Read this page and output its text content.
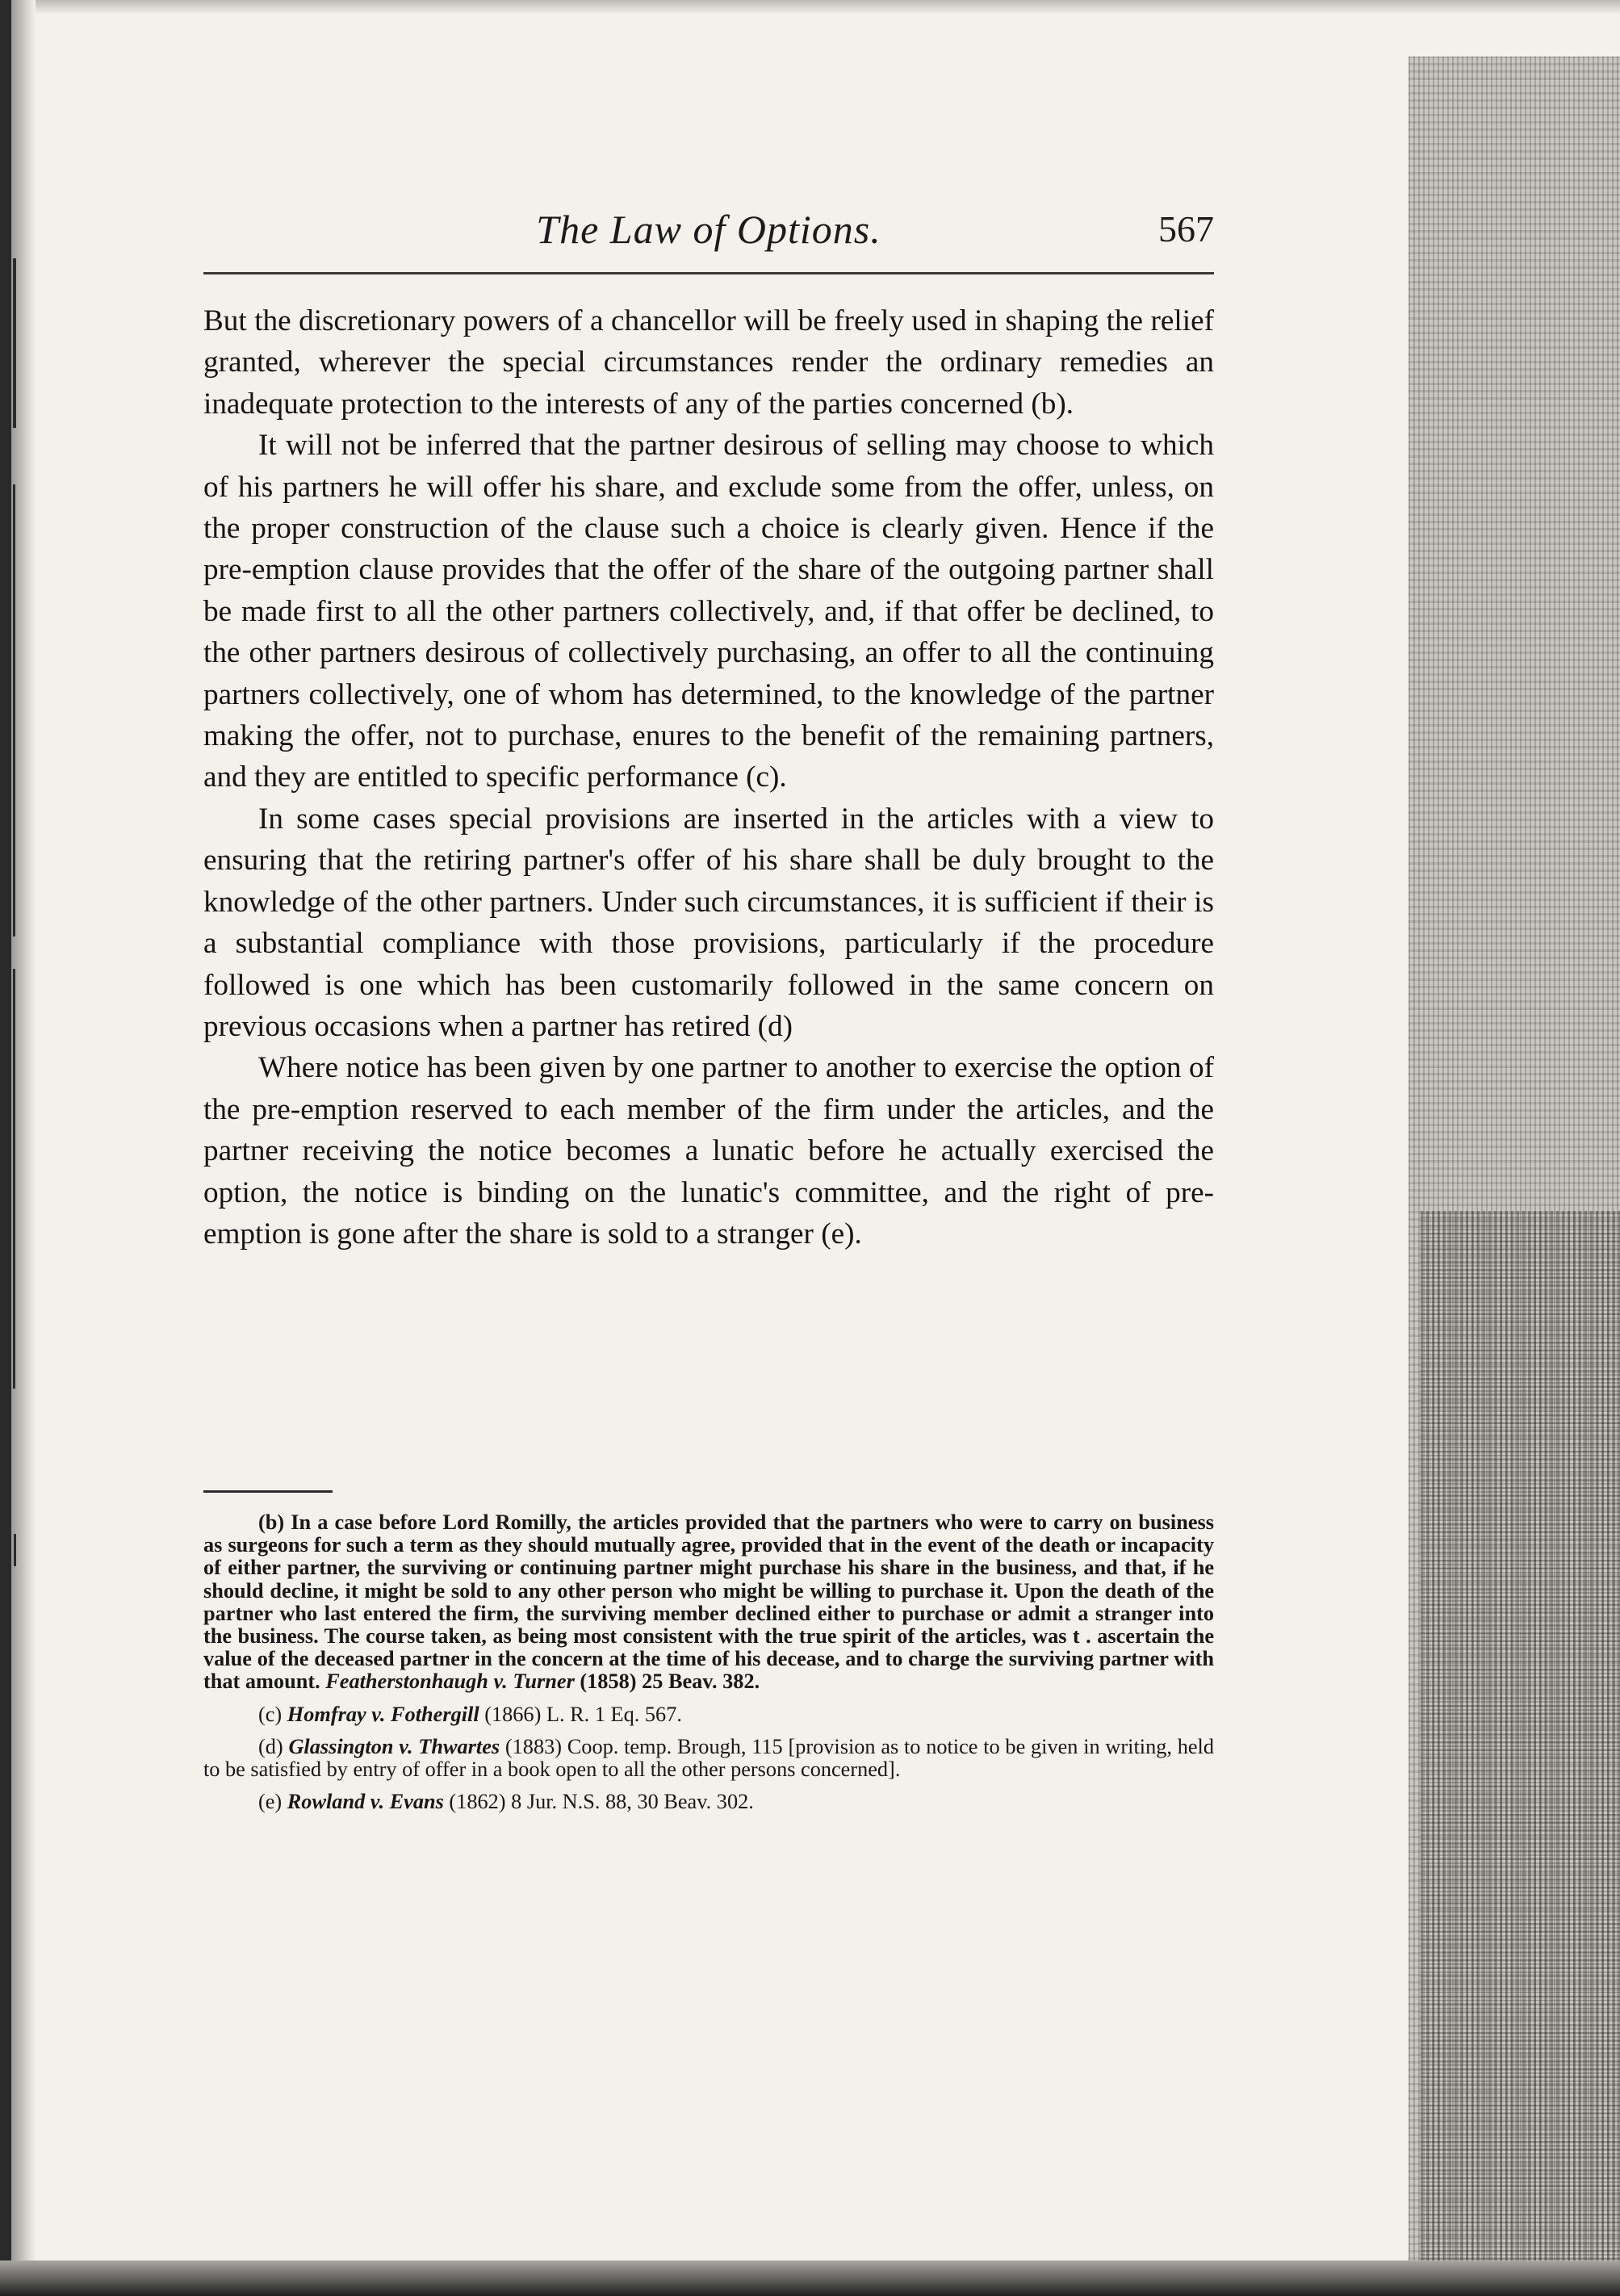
The Law of Options.	567

But the discretionary powers of a chancellor will be freely used in shaping the relief granted, wherever the special circumstances render the ordinary remedies an inadequate protection to the interests of any of the parties concerned (b).

It will not be inferred that the partner desirous of selling may choose to which of his partners he will offer his share, and exclude some from the offer, unless, on the proper construction of the clause such a choice is clearly given. Hence if the pre-emption clause provides that the offer of the share of the outgoing partner shall be made first to all the other partners collectively, and, if that offer be declined, to the other partners desirous of collectively purchasing, an offer to all the continuing partners collectively, one of whom has determined, to the knowledge of the partner making the offer, not to purchase, enures to the benefit of the remaining partners, and they are entitled to specific performance (c).

In some cases special provisions are inserted in the articles with a view to ensuring that the retiring partner's offer of his share shall be duly brought to the knowledge of the other partners. Under such circumstances, it is sufficient if their is a substantial compliance with those provisions, particularly if the procedure followed is one which has been customarily followed in the same concern on previous occasions when a partner has retired (d)

Where notice has been given by one partner to another to exercise the option of the pre-emption reserved to each member of the firm under the articles, and the partner receiving the notice becomes a lunatic before he actually exercised the option, the notice is binding on the lunatic's committee, and the right of pre-emption is gone after the share is sold to a stranger (e).

(b) In a case before Lord Romilly, the articles provided that the partners who were to carry on business as surgeons for such a term as they should mutually agree, provided that in the event of the death or incapacity of either partner, the surviving or continuing partner might purchase his share in the business, and that, if he should decline, it might be sold to any other person who might be willing to purchase it. Upon the death of the partner who last entered the firm, the surviving member declined either to purchase or admit a stranger into the business. The course taken, as being most consistent with the true spirit of the articles, was t . ascertain the value of the deceased partner in the concern at the time of his decease, and to charge the surviving partner with that amount. Featherstonhaugh v. Turner (1858) 25 Beav. 382.

(c) Homfray v. Fothergill (1866) L. R. 1 Eq. 567.

(d) Glassington v. Thwartes (1883) Coop. temp. Brough, 115 [provision as to notice to be given in writing, held to be satisfied by entry of offer in a book open to all the other persons concerned].

(e) Rowland v. Evans (1862) 8 Jur. N.S. 88, 30 Beav. 302.
